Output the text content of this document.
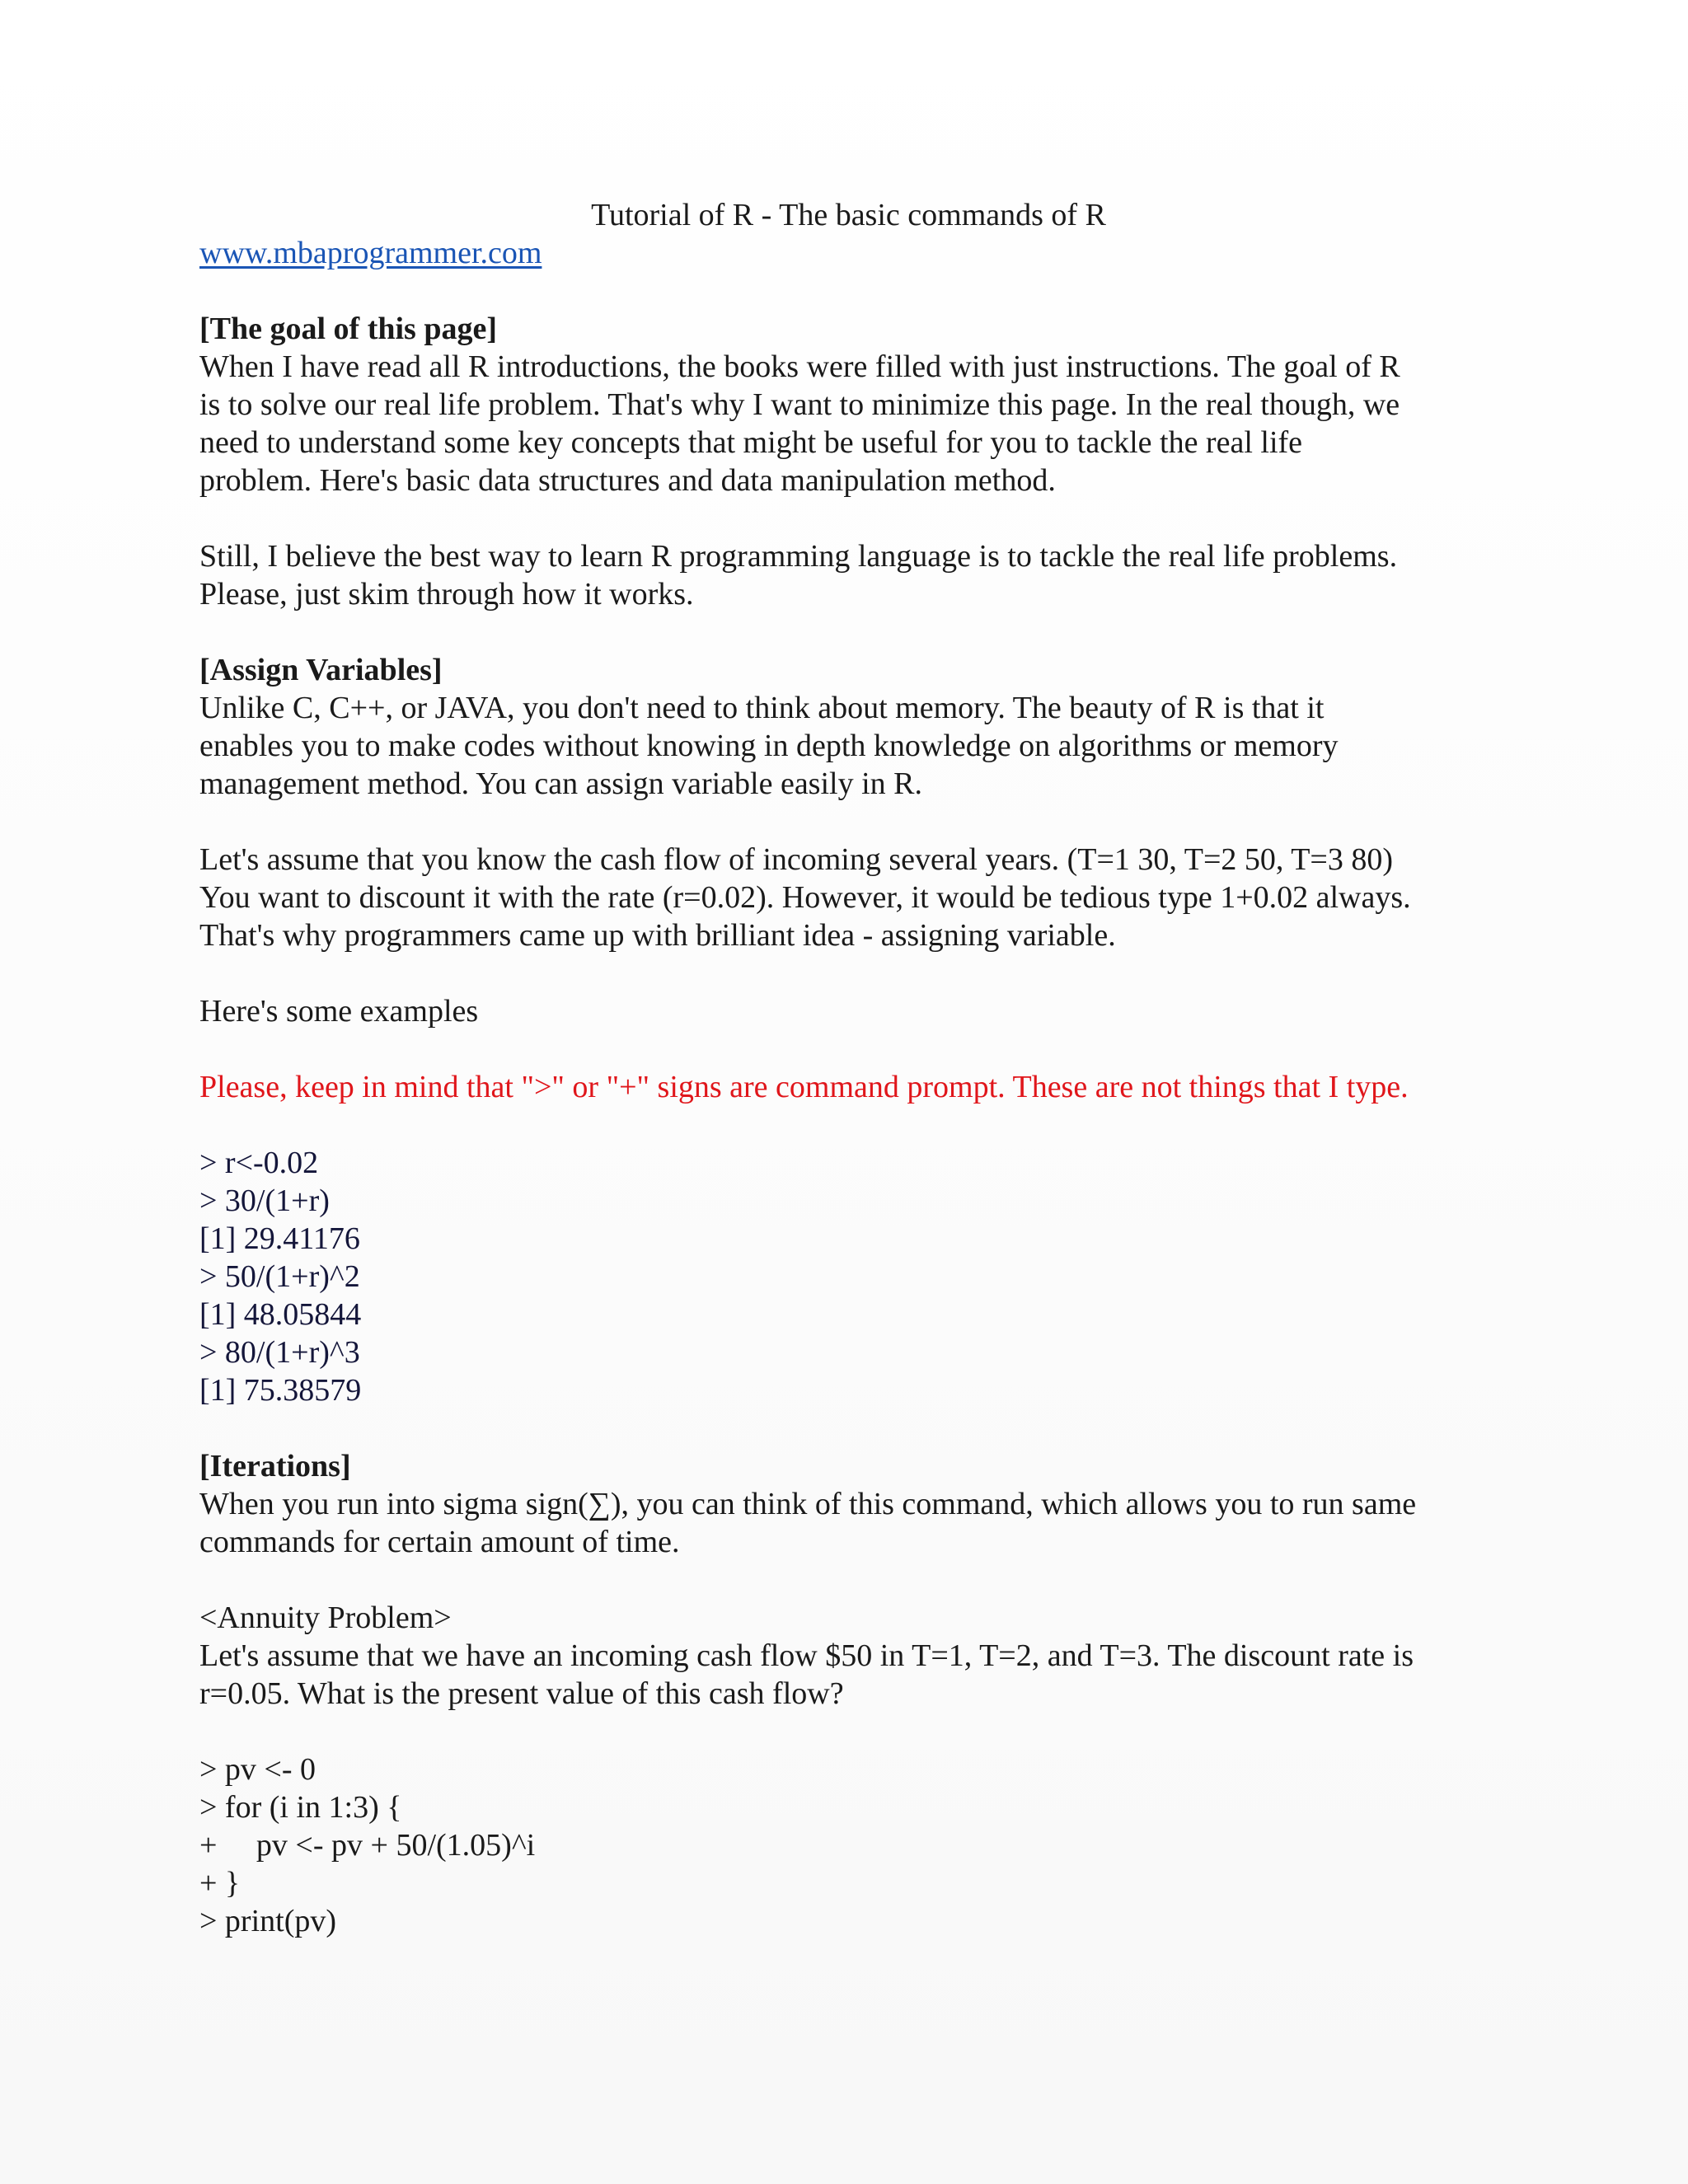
Tutorial of R - The basic commands of R

www.mbaprogrammer.com

[The goal of this page]

When I have read all R introductions, the books were filled with just instructions. The goal of R

is to solve our real life problem. That's why I want to minimize this page. In the real though, we

need to understand some key concepts that might be useful for you to tackle the real life

problem. Here's basic data structures and data manipulation method.

Still, I believe the best way to learn R programming language is to tackle the real life problems.

Please, just skim through how it works.

[Assign Variables]

Unlike C, C++, or JAVA, you don't need to think about memory. The beauty of R is that it

enables you to make codes without knowing in depth knowledge on algorithms or memory

management method. You can assign variable easily in R.

Let's assume that you know the cash flow of incoming several years. (T=1 30, T=2 50, T=3 80)

You want to discount it with the rate (r=0.02). However, it would be tedious type 1+0.02 always.

That's why programmers came up with brilliant idea - assigning variable.

Here's some examples

Please, keep in mind that ">" or "+" signs are command prompt. These are not things that I type.

> r<-0.02

> 30/(1+r)

[1] 29.41176

> 50/(1+r)^2

[1] 48.05844

> 80/(1+r)^3

[1] 75.38579

[Iterations]

When you run into sigma sign(∑), you can think of this command, which allows you to run same

commands for certain amount of time.

<Annuity Problem>

Let's assume that we have an incoming cash flow $50 in T=1, T=2, and T=3. The discount rate is

r=0.05. What is the present value of this cash flow?

> pv <- 0

> for (i in 1:3) {

+     pv <- pv + 50/(1.05)^i

+ }

> print(pv)
